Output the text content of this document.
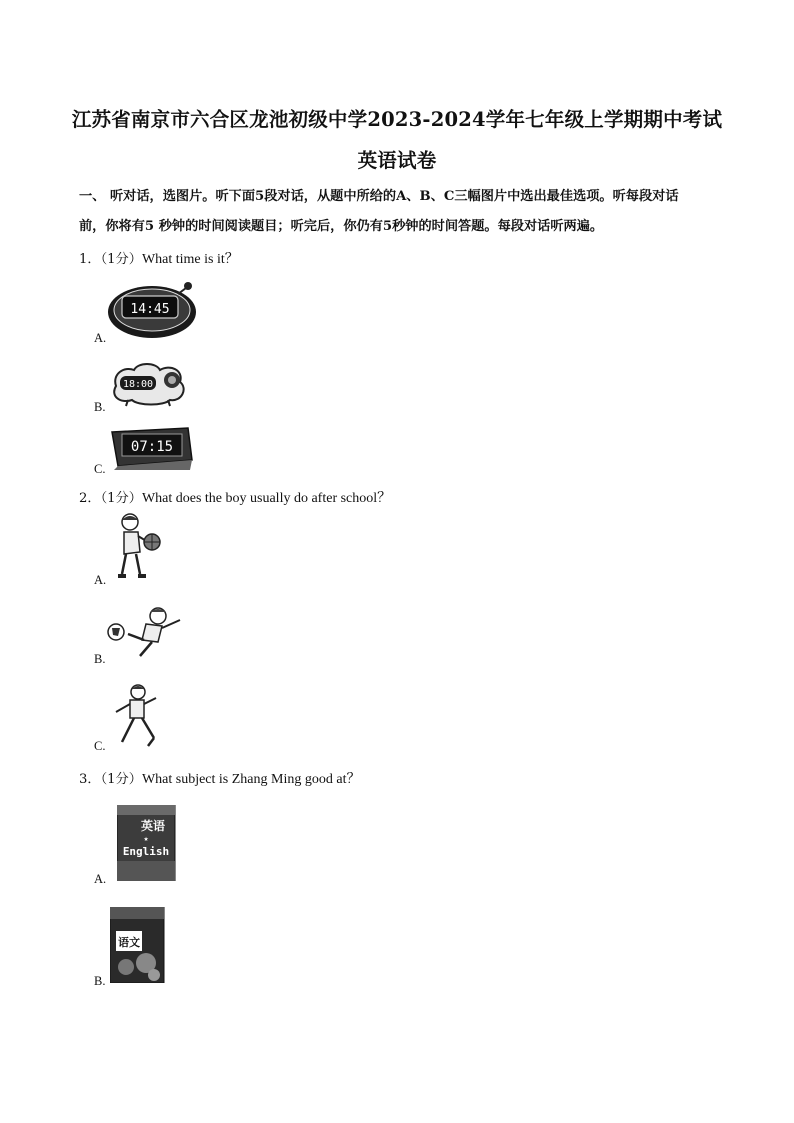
江苏省南京市六合区龙池初级中学2023-2024学年七年级上学期期中考试
英语试卷
一、 听对话，选图片。听下面5段对话，从题中所给的A、B、C三幅图片中选出最佳选项。听每段对话
前，你将有5 秒钟的时间阅读题目；听完后，你仍有5秒钟的时间答题。每段对话听两遍。
1．（1分）What time is it？
14:45
A.
18:00
B.
07:15
C.
2．（1分）What does the boy usually do after school？
A.
B.
C.
3．（1分）What subject is Zhang Ming good at？
英语
★
English
A.
语文
B.
